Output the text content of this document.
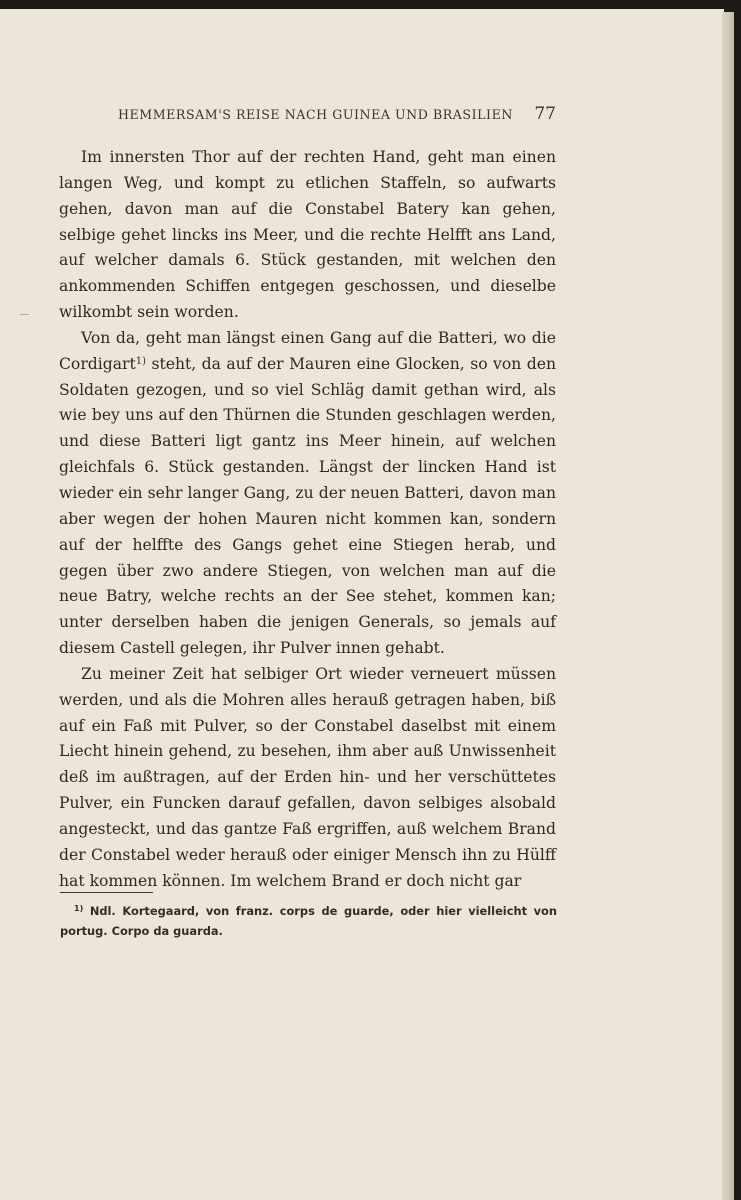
HEMMERSAM'S REISE NACH GUINEA UND BRASILIEN 77

Im innersten Thor auf der rechten Hand, geht man einen langen Weg, und kompt zu etlichen Staffeln, so aufwarts gehen, davon man auf die Constabel Batery kan gehen, selbige gehet lincks ins Meer, und die rechte Helfft ans Land, auf welcher damals 6. Stück gestanden, mit welchen den ankommenden Schiffen entgegen geschossen, und dieselbe wilkombt sein worden.

Von da, geht man längst einen Gang auf die Batteri, wo die Cordigart$^{1)}$ steht, da auf der Mauren eine Glocken, so von den Soldaten gezogen, und so viel Schläg damit gethan wird, als wie bey uns auf den Thürnen die Stunden geschlagen werden, und diese Batteri ligt gantz ins Meer hinein, auf welchen gleichfals 6. Stück gestanden. Längst der lincken Hand ist wieder ein sehr langer Gang, zu der neuen Batteri, davon man aber wegen der hohen Mauren nicht kommen kan, sondern auf der helffte des Gangs gehet eine Stiegen herab, und gegen über zwo andere Stiegen, von welchen man auf die neue Batry, welche rechts an der See stehet, kommen kan; unter derselben haben die jenigen Generals, so jemals auf diesem Castell gelegen, ihr Pulver innen gehabt.

Zu meiner Zeit hat selbiger Ort wieder verneuert müssen werden, und als die Mohren alles herauß getragen haben, biß auf ein Faß mit Pulver, so der Constabel daselbst mit einem Liecht hinein gehend, zu besehen, ihm aber auß Unwissenheit deß im außtragen, auf der Erden hin- und her verschüttetes Pulver, ein Funcken darauf gefallen, davon selbiges alsobald angesteckt, und das gantze Faß ergriffen, auß welchem Brand der Constabel weder herauß oder einiger Mensch ihn zu Hülff hat kommen können. Im welchem Brand er doch nicht gar

$^{1)}$ Ndl. Kortegaard, von franz. corps de guarde, oder hier vielleicht von portug. Corpo da guarda.
